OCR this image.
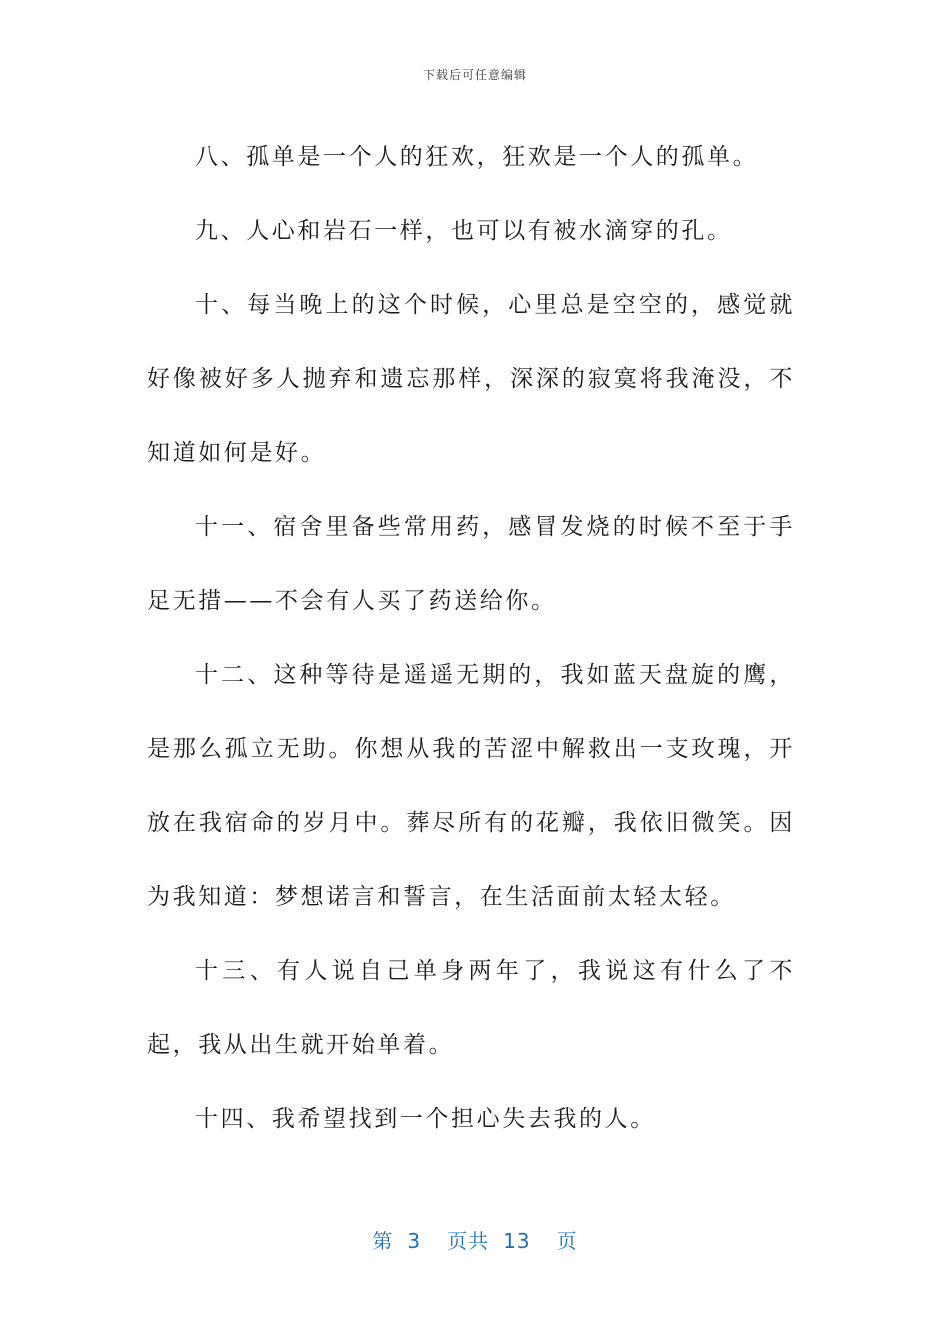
下载后可任意编辑

八、孤单是一个人的狂欢，狂欢是一个人的孤单。

九、人心和岩石一样，也可以有被水滴穿的孔。

十、每当晚上的这个时候，心里总是空空的，感觉就好像被好多人抛弃和遗忘那样，深深的寂寞将我淹没，不知道如何是好。

十一、宿舍里备些常用药，感冒发烧的时候不至于手足无措——不会有人买了药送给你。

十二、这种等待是遥遥无期的，我如蓝天盘旋的鹰，是那么孤立无助。你想从我的苦涩中解救出一支玫瑰，开放在我宿命的岁月中。葬尽所有的花瓣，我依旧微笑。因为我知道：梦想诺言和誓言，在生活面前太轻太轻。

十三、有人说自己单身两年了，我说这有什么了不起，我从出生就开始单着。

十四、我希望找到一个担心失去我的人。

第 3 页共 13 页
